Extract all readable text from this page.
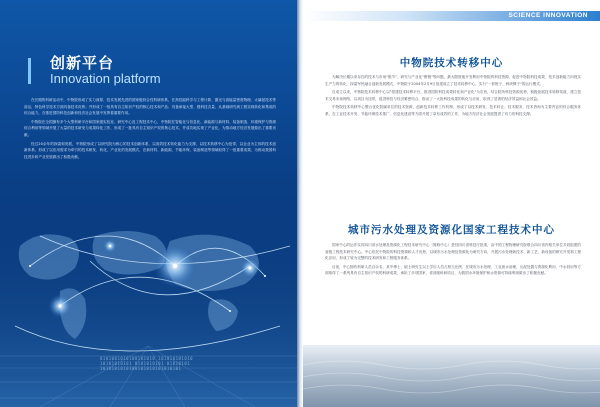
创新平台
Innovation platform

在长期的科研活动中，中物院形成了实力深厚、技术发展先进的国家级综合性科研体系，在高性能科学与工程计算、激光与高能量密度物理、太赫兹技术等前沿，特色科学技术方面具备技术优势；并形成了一批具有自主知识产权的核心技术和产品；具备承接大型、强科技含量、从基础研究到工程实现转化和集成的综合能力，在推进国防科技创新和经济社会发展中发挥着重要作用。

中物院在全国拥有多个大型科研平台和国家级实验室、研究中心及工程技术中心，中物院在智能化与信息化、新能源与新材料、装备制造、环境保护与资源综合利用等领域开展了大量的技术研发与成果转化工作，形成了一批具有自主知识产权的核心技术，并成功地实现了产业化，为推动地方经济发展做出了重要贡献。

经过20余年的探索和发展，中物院形成了以研究院为核心的技术创新体系，以高效技术转化能力为支撑，以技术转移中心为纽带，以企业为主体的技术创新体系，形成了以应用需求为牵引的技术研发、转化、产业化的发展模式，在新材料、新能源、节能环保、装备制造等领域取得了一批重要成果，为推动我国科技进步和产业发展做出了积极贡献。

0101001010100101010 101010101010
10101010101 0101010101 01010101
1010101010100101010101010101
SCIENCE INNOVATION
中物院技术转移中心

为解决长期以来存在的技术与市场"脱节"、研究与产业化"断链"等问题，最大限度地开发利用中物院的科技资源，促进中物院科技成果、技术创新能力向现实生产力的转化，探索军民融合创新发展模式，中物院于2004年2月9日组建成立了技术转移中心，实行"一套班子、两块牌子"的运行模式。

自成立以来，中物院技术转移中心以"搭建技术转移平台，推进国防科技成果转化和产业化"为宗旨，结合院所科技资源优势，积极拓展技术转移渠道，建立技术交易市场网络，以项目为纽带，促进科技与经济紧密结合，推动了一大批科技成果的转化与应用，取得了显著的经济效益和社会效益。

中物院技术转移中心整合优化院属单位的技术资源，创新技术转移工作机制，形成了以技术研发、技术转让、技术服务、技术咨询为主要内容的综合服务体系，在工业技术开发、节能环保技术推广、信息化建设等方面开展了卓有成效的工作，为地方经济社会发展提供了有力的科技支撑。

城市污水处理及资源化国家工程技术中心

国家中心的运作实体四川省水处理及资源化工程技术研究中心（简称中心）是经四川省科技厅批准，由中国工程物理研究院联合四川省内相关单位共同组建的省级工程技术研究中心。中心依托中物院的科技资源和人才优势，以城市污水处理及资源化为研究方向，开展污水处理新技术、新工艺、新设备的研究开发和工程化应用，形成了较为完整的技术研发和工程服务体系。

目前，中心拥有科研人员百余名，其中博士、硕士研究生以上学历人员占相当比例，在城市污水处理、工业废水治理、污泥处置与资源化利用、中水回用等方面取得了一系列具有自主知识产权的科研成果，承担了多项国家、省部级科研项目，为我国水环境保护和水资源可持续利用做出了积极贡献。
